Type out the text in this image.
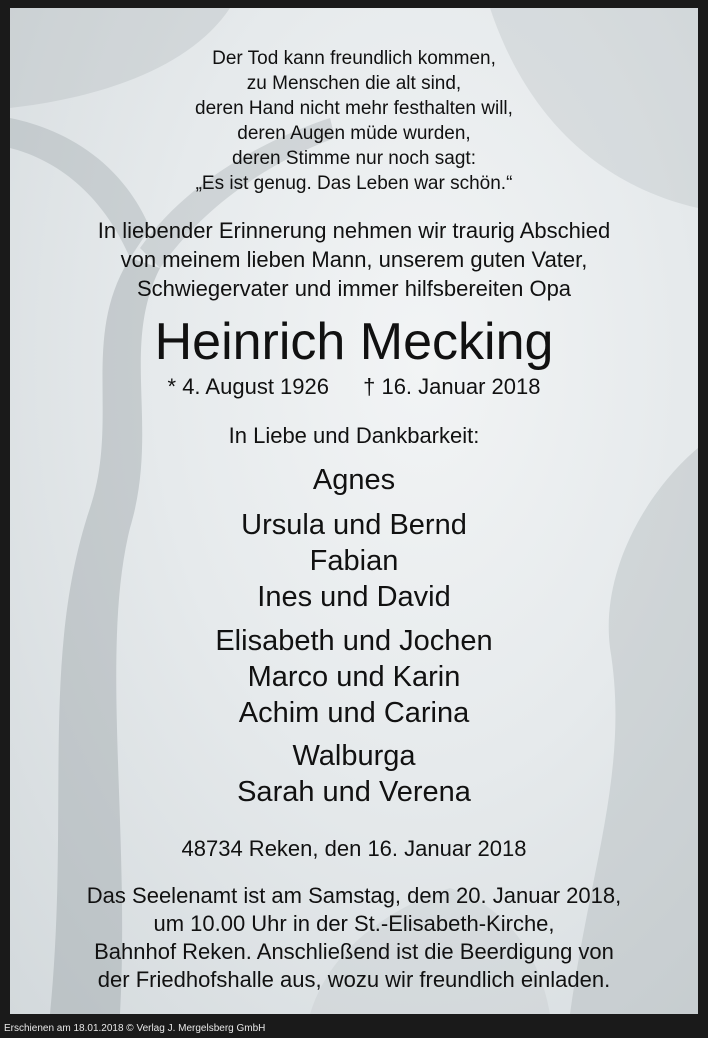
Der Tod kann freundlich kommen,
zu Menschen die alt sind,
deren Hand nicht mehr festhalten will,
deren Augen müde wurden,
deren Stimme nur noch sagt:
„Es ist genug. Das Leben war schön.“
In liebender Erinnerung nehmen wir traurig Abschied
von meinem lieben Mann, unserem guten Vater,
Schwiegervater und immer hilfsbereiten Opa
Heinrich Mecking
* 4. August 1926 † 16. Januar 2018
In Liebe und Dankbarkeit:
Agnes
Ursula und Bernd
Fabian
Ines und David
Elisabeth und Jochen
Marco und Karin
Achim und Carina
Walburga
Sarah und Verena
48734 Reken, den 16. Januar 2018
Das Seelenamt ist am Samstag, dem 20. Januar 2018,
um 10.00 Uhr in der St.-Elisabeth-Kirche,
Bahnhof Reken. Anschließend ist die Beerdigung von
der Friedhofshalle aus, wozu wir freundlich einladen.
Erschienen am 18.01.2018 © Verlag J. Mergelsberg GmbH
